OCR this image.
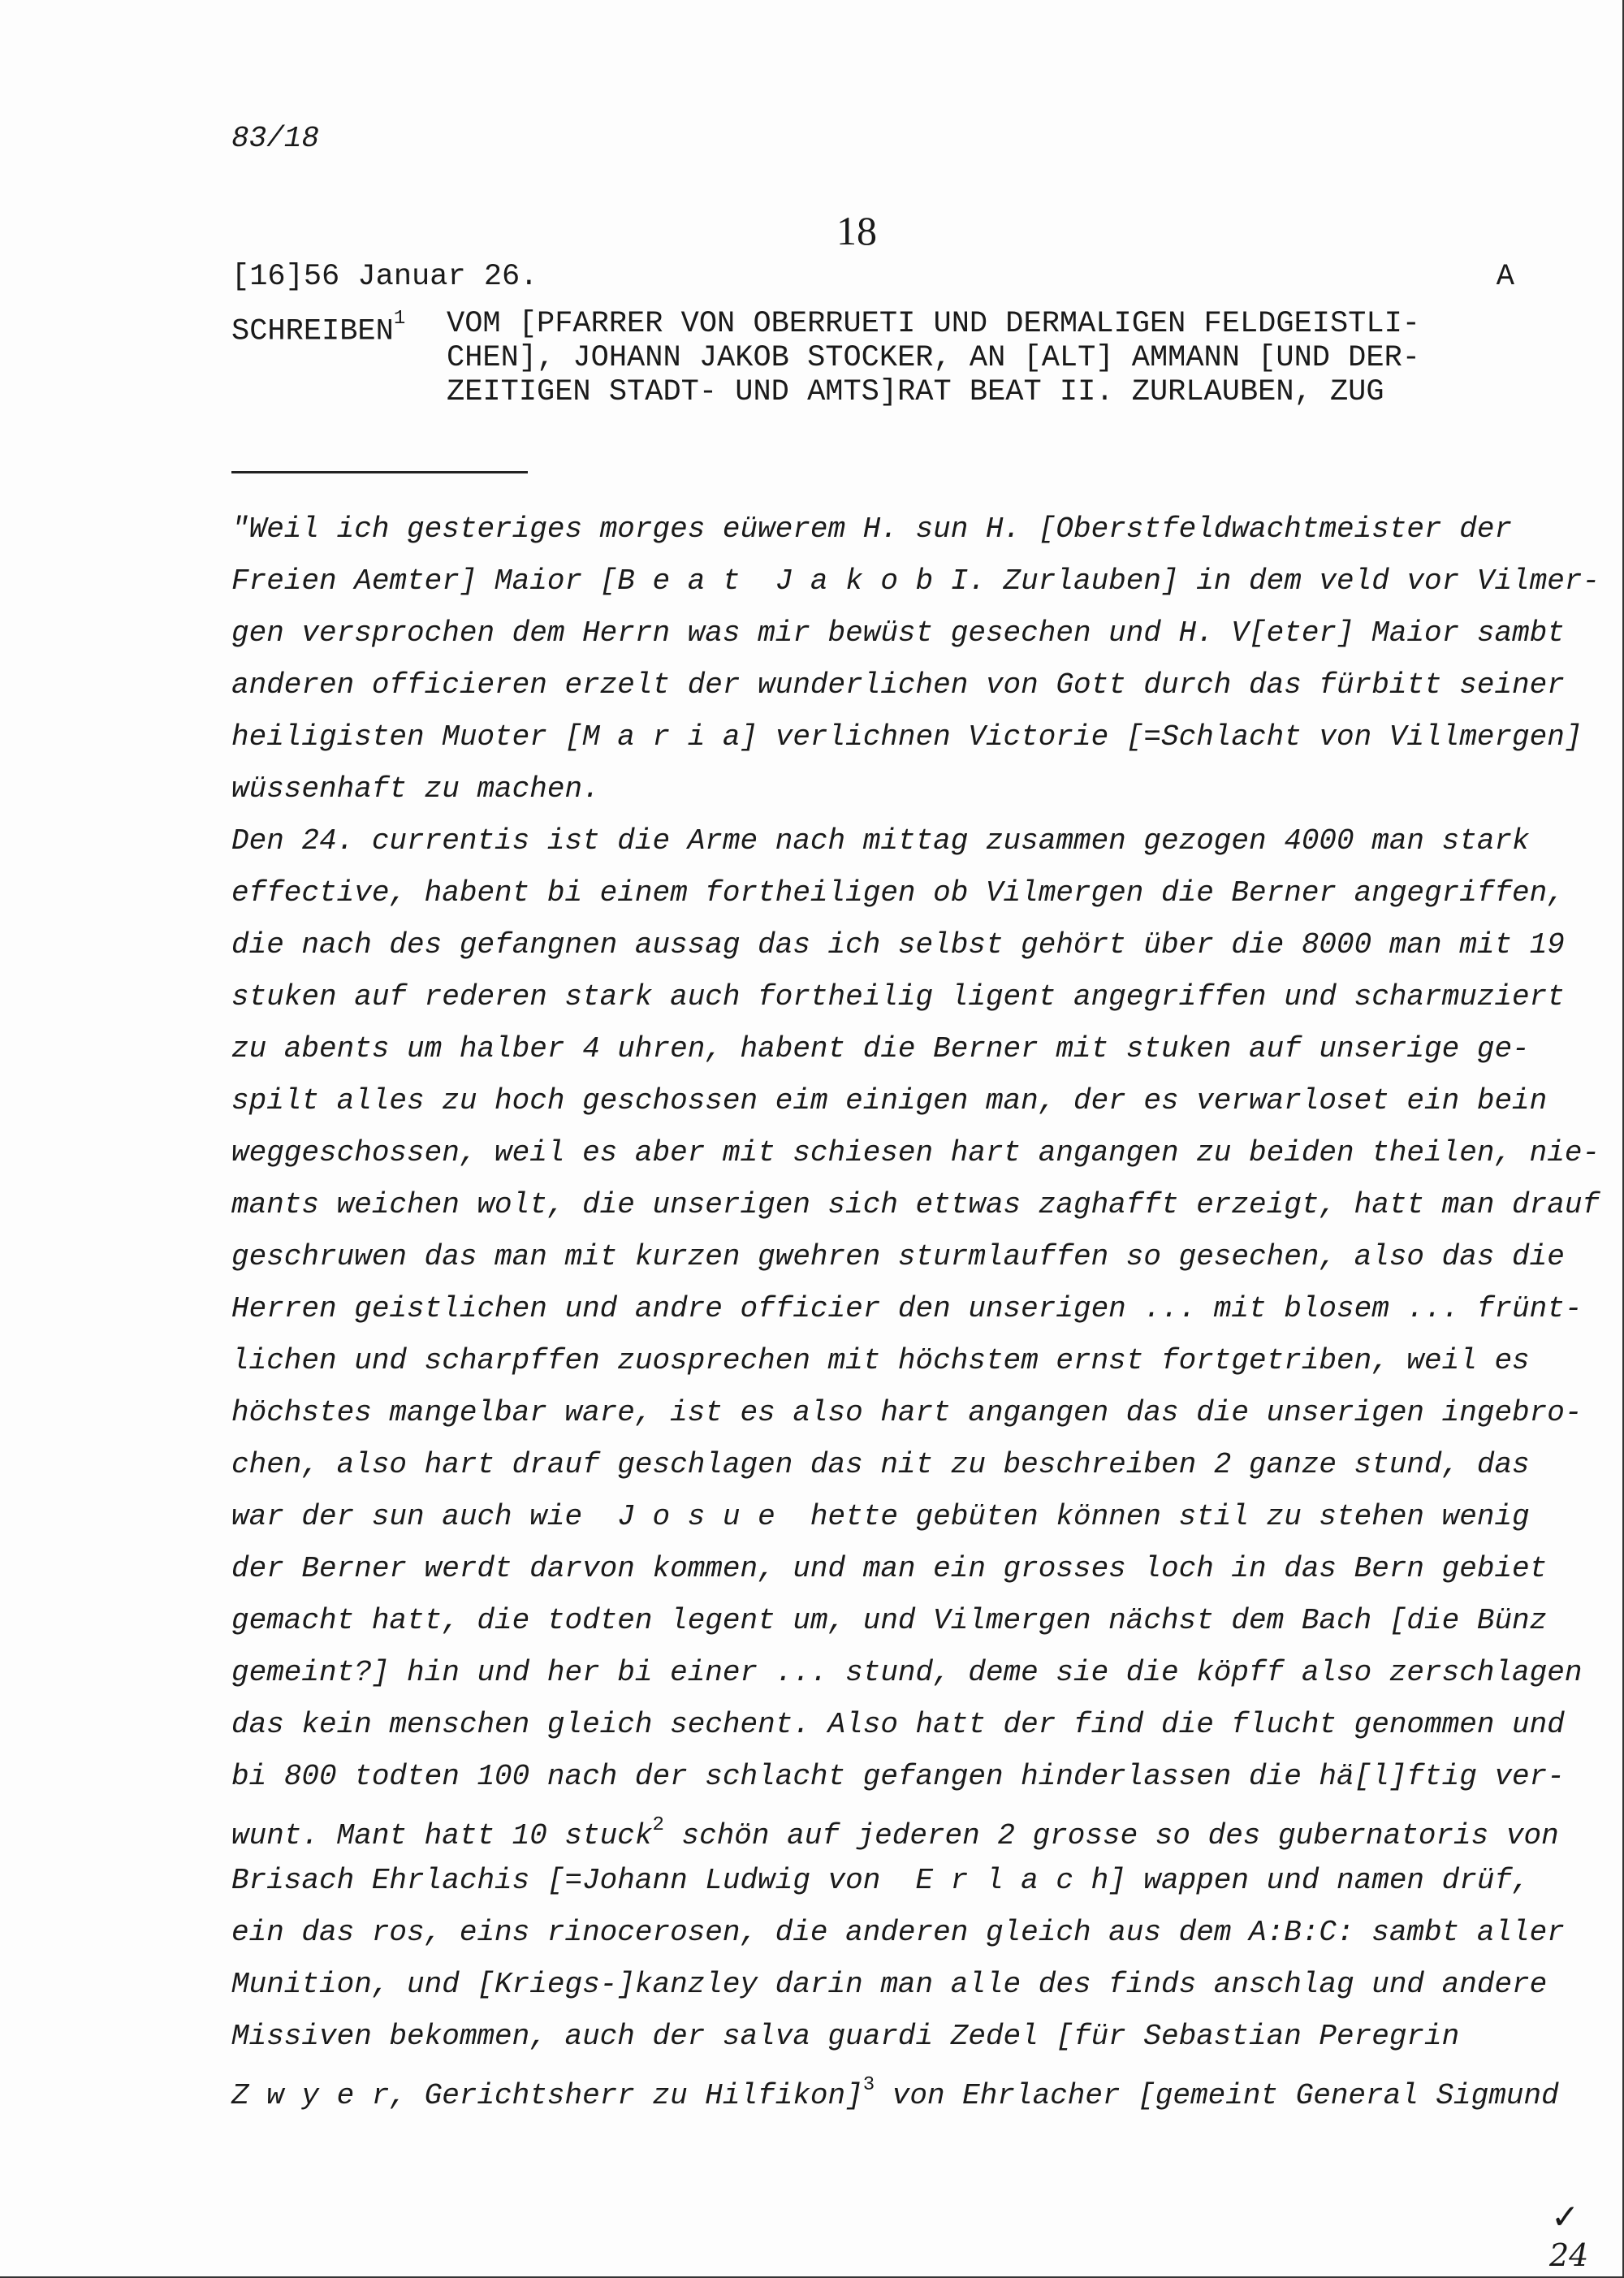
83/18
18
[16]56 Januar 26.	A
SCHREIBEN$^1$ VOM [PFARRER VON OBERRUETI UND DERMALIGEN FELDGEISTLI-
CHEN], JOHANN JAKOB STOCKER, AN [ALT] AMMANN [UND DER-
ZEITIGEN STADT- UND AMTS]RAT BEAT II. ZURLAUBEN, ZUG
"Weil ich gesteriges morges eüwerem H. sun H. [Oberstfeldwachtmeister der
Freien Aemter] Maior [B e a t  J a k o b I. Zurlauben] in dem veld vor Vilmer-
gen versprochen dem Herrn was mir bewüst gesechen und H. V[eter] Maior sambt
anderen officieren erzelt der wunderlichen von Gott durch das fürbitt seiner
heiligisten Muoter [M a r i a] verlichnen Victorie [=Schlacht von Villmergen]
wüssenhaft zu machen.
Den 24. currentis ist die Arme nach mittag zusammen gezogen 4000 man stark
effective, habent bi einem fortheiligen ob Vilmergen die Berner angegriffen,
die nach des gefangnen aussag das ich selbst gehört über die 8000 man mit 19
stuken auf rederen stark auch fortheilig ligent angegriffen und scharmuziert
zu abents um halber 4 uhren, habent die Berner mit stuken auf unserige ge-
spilt alles zu hoch geschossen eim einigen man, der es verwarloset ein bein
weggeschossen, weil es aber mit schiesen hart angangen zu beiden theilen, nie-
mants weichen wolt, die unserigen sich ettwas zaghafft erzeigt, hatt man drauf
geschruwen das man mit kurzen gwehren sturmlauffen so gesechen, also das die
Herren geistlichen und andre officier den unserigen ... mit blosem ... frünt-
lichen und scharpffen zuosprechen mit höchstem ernst fortgetriben, weil es
höchstes mangelbar ware, ist es also hart angangen das die unserigen ingebro-
chen, also hart drauf geschlagen das nit zu beschreiben 2 ganze stund, das
war der sun auch wie  J o s u e  hette gebüten können stil zu stehen wenig
der Berner werdt darvon kommen, und man ein grosses loch in das Bern gebiet
gemacht hatt, die todten legent um, und Vilmergen nächst dem Bach [die Bünz
gemeint?] hin und her bi einer ... stund, deme sie die köpff also zerschlagen
das kein menschen gleich sechent. Also hatt der find die flucht genommen und
bi 800 todten 100 nach der schlacht gefangen hinderlassen die hä[l]ftig ver-
wunt. Mant hatt 10 stuck$^2$ schön auf jederen 2 grosse so des gubernatoris von
Brisach Ehrlachis [=Johann Ludwig von  E r l a c h] wappen und namen drüf,
ein das ros, eins rinocerosen, die anderen gleich aus dem A:B:C: sambt aller
Munition, und [Kriegs-]kanzley darin man alle des finds anschlag und andere
Missiven bekommen, auch der salva guardi Zedel [für Sebastian Peregrin
Z w y e r, Gerichtsherr zu Hilfikon]$^3$ von Ehrlacher [gemeint General Sigmund
✓
24
